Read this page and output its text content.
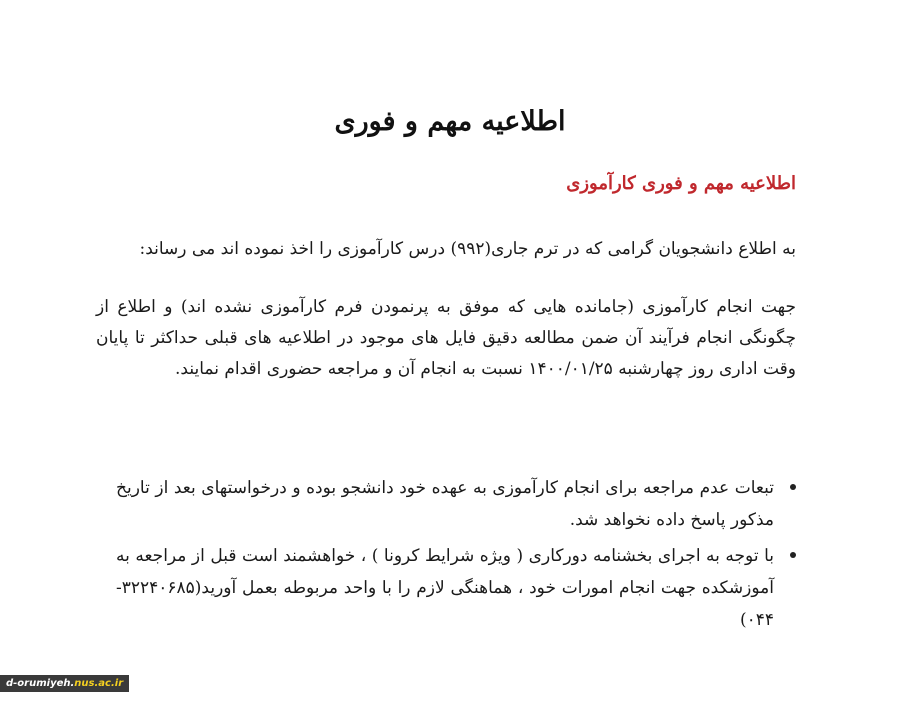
اطلاعیه مهم و فوری
اطلاعیه مهم و فوری کارآموزی

به اطلاع دانشجویان گرامی که در ترم جاری(۹۹۲) درس کارآموزی را اخذ نموده اند می رساند:

جهت انجام کارآموزی (جامانده هایی که موفق به پرنمودن فرم کارآموزی نشده اند) و اطلاع از چگونگی انجام فرآیند آن ضمن مطالعه دقیق فایل های موجود در اطلاعیه های قبلی حداکثر تا پایان وقت اداری روز چهارشنبه ۱۴۰۰/۰۱/۲۵ نسبت به انجام آن و مراجعه حضوری اقدام نمایند.

تبعات عدم مراجعه برای انجام کارآموزی به عهده خود دانشجو بوده و درخواستهای بعد از تاریخ مذکور پاسخ داده نخواهد شد.
با توجه به اجرای بخشنامه دورکاری ( ویژه شرایط کرونا ) ، خواهشمند است قبل از مراجعه به آموزشکده جهت انجام امورات خود ، هماهنگی لازم را با واحد مربوطه بعمل آورید(۳۲۲۴۰۶۸۵- ۰۴۴)
d-orumiyeh.nus.ac.ir
